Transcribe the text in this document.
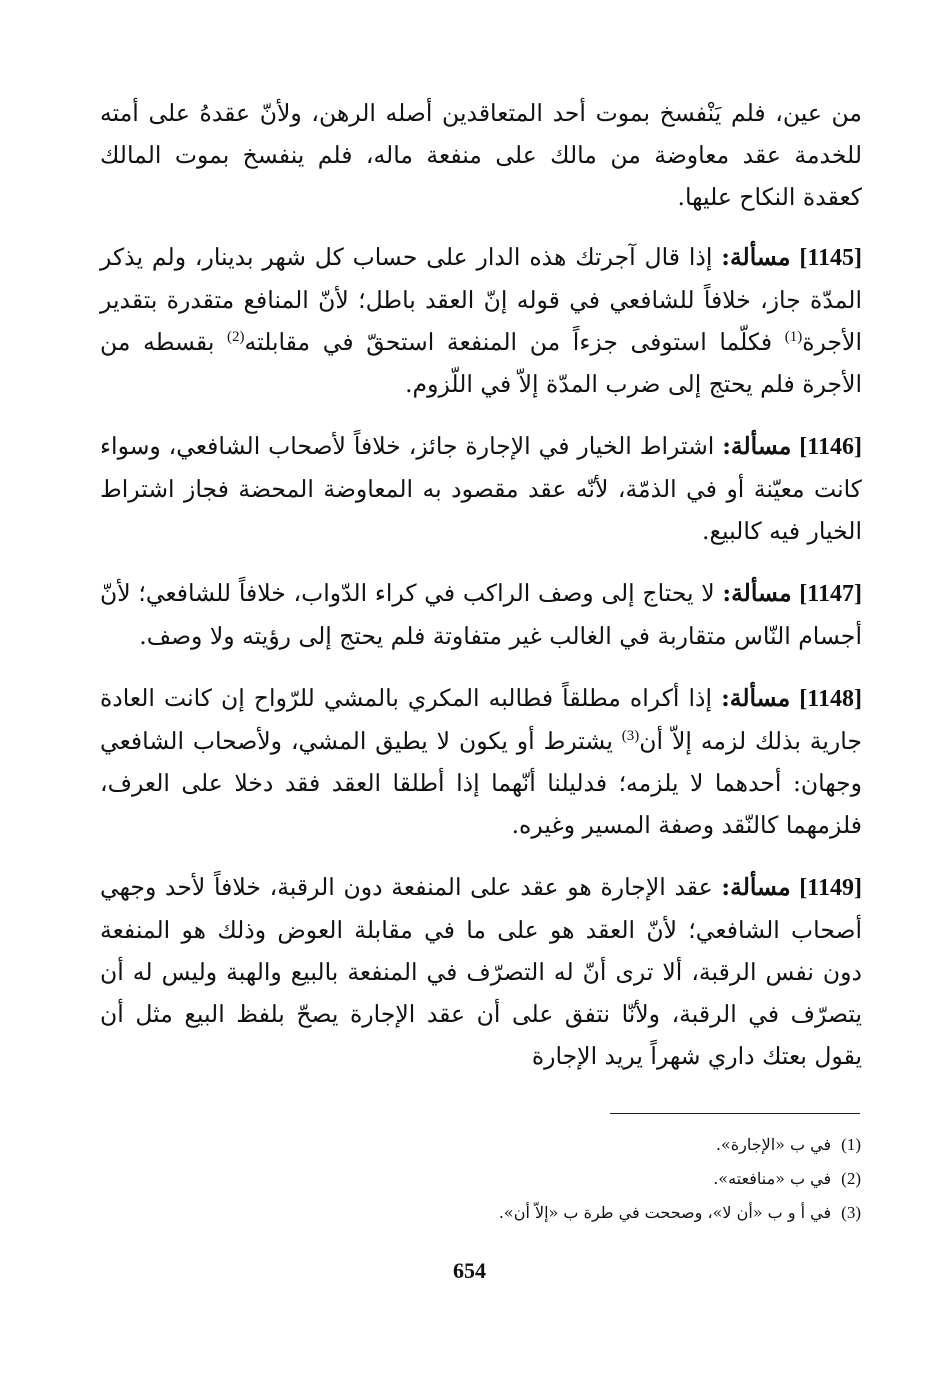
من عين، فلم يَنْفسخ بموت أحد المتعاقدين أصله الرهن، ولأنّ عقدهُ على أمته للخدمة عقد معاوضة من مالك على منفعة ماله، فلم ينفسخ بموت المالك كعقدة النكاح عليها.

[1145] مسألة: إذا قال آجرتك هذه الدار على حساب كل شهر بدينار، ولم يذكر المدّة جاز، خلافاً للشافعي في قوله إنّ العقد باطل؛ لأنّ المنافع متقدرة بتقدير الأجرة$^{(1)}$ فكلّما استوفى جزءاً من المنفعة استحقّ في مقابلته$^{(2)}$ بقسطه من الأجرة فلم يحتج إلى ضرب المدّة إلاّ في اللّزوم.

[1146] مسألة: اشتراط الخيار في الإجارة جائز، خلافاً لأصحاب الشافعي، وسواء كانت معيّنة أو في الذمّة، لأنّه عقد مقصود به المعاوضة المحضة فجاز اشتراط الخيار فيه كالبيع.

[1147] مسألة: لا يحتاج إلى وصف الراكب في كراء الدّواب، خلافاً للشافعي؛ لأنّ أجسام النّاس متقاربة في الغالب غير متفاوتة فلم يحتج إلى رؤيته ولا وصف.

[1148] مسألة: إذا أكراه مطلقاً فطالبه المكري بالمشي للرّواح إن كانت العادة جارية بذلك لزمه إلاّ أن$^{(3)}$ يشترط أو يكون لا يطيق المشي، ولأصحاب الشافعي وجهان: أحدهما لا يلزمه؛ فدليلنا أنّهما إذا أطلقا العقد فقد دخلا على العرف، فلزمهما كالنّقد وصفة المسير وغيره.

[1149] مسألة: عقد الإجارة هو عقد على المنفعة دون الرقبة، خلافاً لأحد وجهي أصحاب الشافعي؛ لأنّ العقد هو على ما في مقابلة العوض وذلك هو المنفعة دون نفس الرقبة، ألا ترى أنّ له التصرّف في المنفعة بالبيع والهبة وليس له أن يتصرّف في الرقبة، ولأنّا نتفق على أن عقد الإجارة يصحّ بلفظ البيع مثل أن يقول بعتك داري شهراً يريد الإجارة

(1)في ب «الإجارة».
(2)في ب «منافعته».
(3)في أ و ب «أن لا»، وصححت في طرة ب «إلاّ أن».
654
